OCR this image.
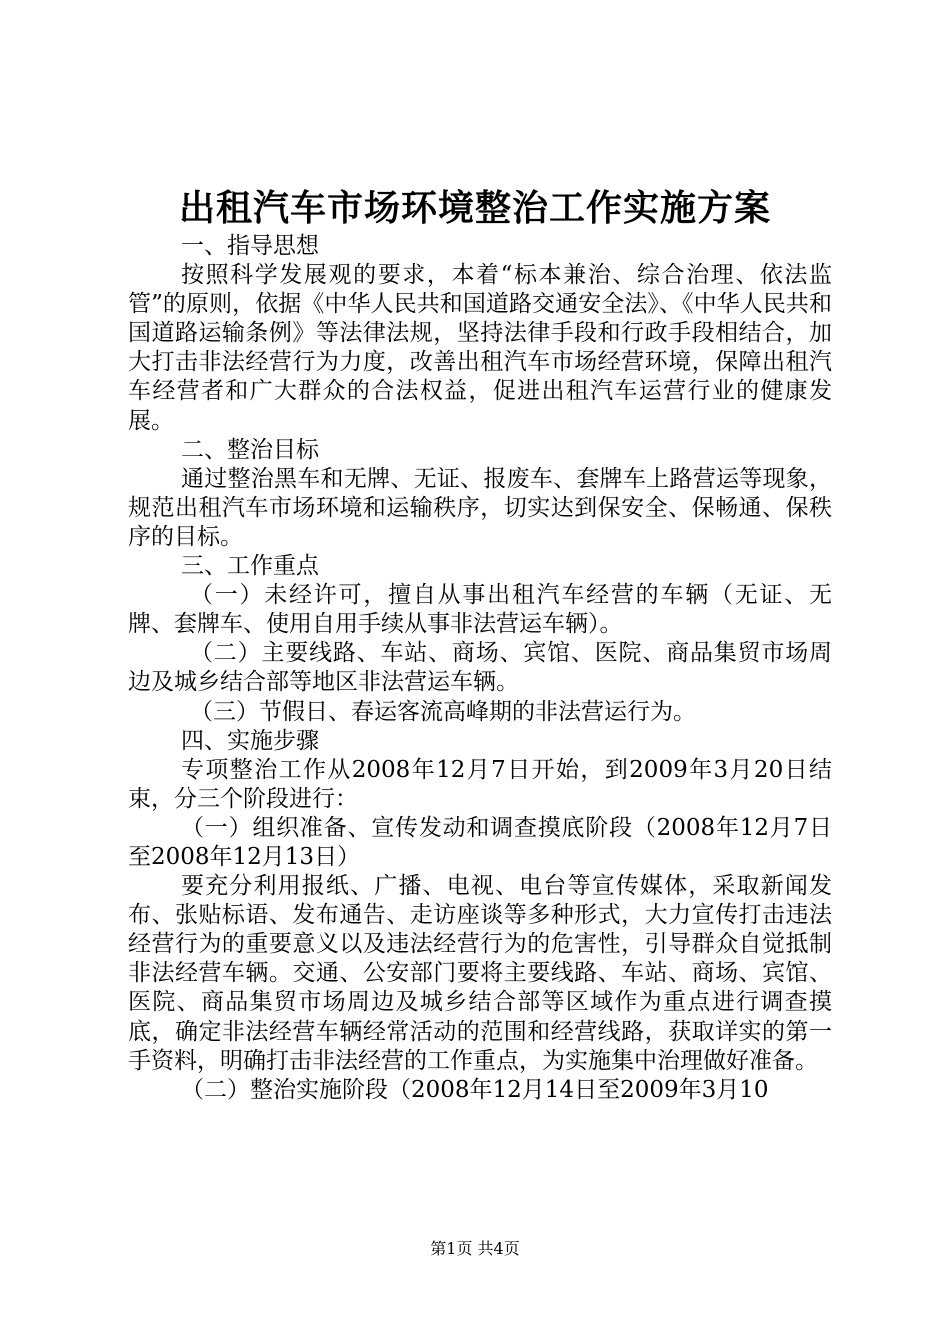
出租汽车市场环境整治工作实施方案

一、指导思想

按照科学发展观的要求，本着“标本兼治、综合治理、依法监管”的原则，依据《中华人民共和国道路交通安全法》、《中华人民共和国道路运输条例》等法律法规，坚持法律手段和行政手段相结合，加大打击非法经营行为力度，改善出租汽车市场经营环境，保障出租汽车经营者和广大群众的合法权益，促进出租汽车运营行业的健康发展。

二、整治目标

通过整治黑车和无牌、无证、报废车、套牌车上路营运等现象，规范出租汽车市场环境和运输秩序，切实达到保安全、保畅通、保秩序的目标。

三、工作重点

（一）未经许可，擅自从事出租汽车经营的车辆（无证、无牌、套牌车、使用自用手续从事非法营运车辆）。

（二）主要线路、车站、商场、宾馆、医院、商品集贸市场周边及城乡结合部等地区非法营运车辆。

（三）节假日、春运客流高峰期的非法营运行为。

四、实施步骤

专项整治工作从2008年12月7日开始，到2009年3月20日结束，分三个阶段进行：

（一）组织准备、宣传发动和调查摸底阶段（2008年12月7日至2008年12月13日）

要充分利用报纸、广播、电视、电台等宣传媒体，采取新闻发布、张贴标语、发布通告、走访座谈等多种形式，大力宣传打击违法经营行为的重要意义以及违法经营行为的危害性，引导群众自觉抵制非法经营车辆。交通、公安部门要将主要线路、车站、商场、宾馆、医院、商品集贸市场周边及城乡结合部等区域作为重点进行调查摸底，确定非法经营车辆经常活动的范围和经营线路，获取详实的第一手资料，明确打击非法经营的工作重点，为实施集中治理做好准备。

（二）整治实施阶段（2008年12月14日至2009年3月10

第1页 共4页
